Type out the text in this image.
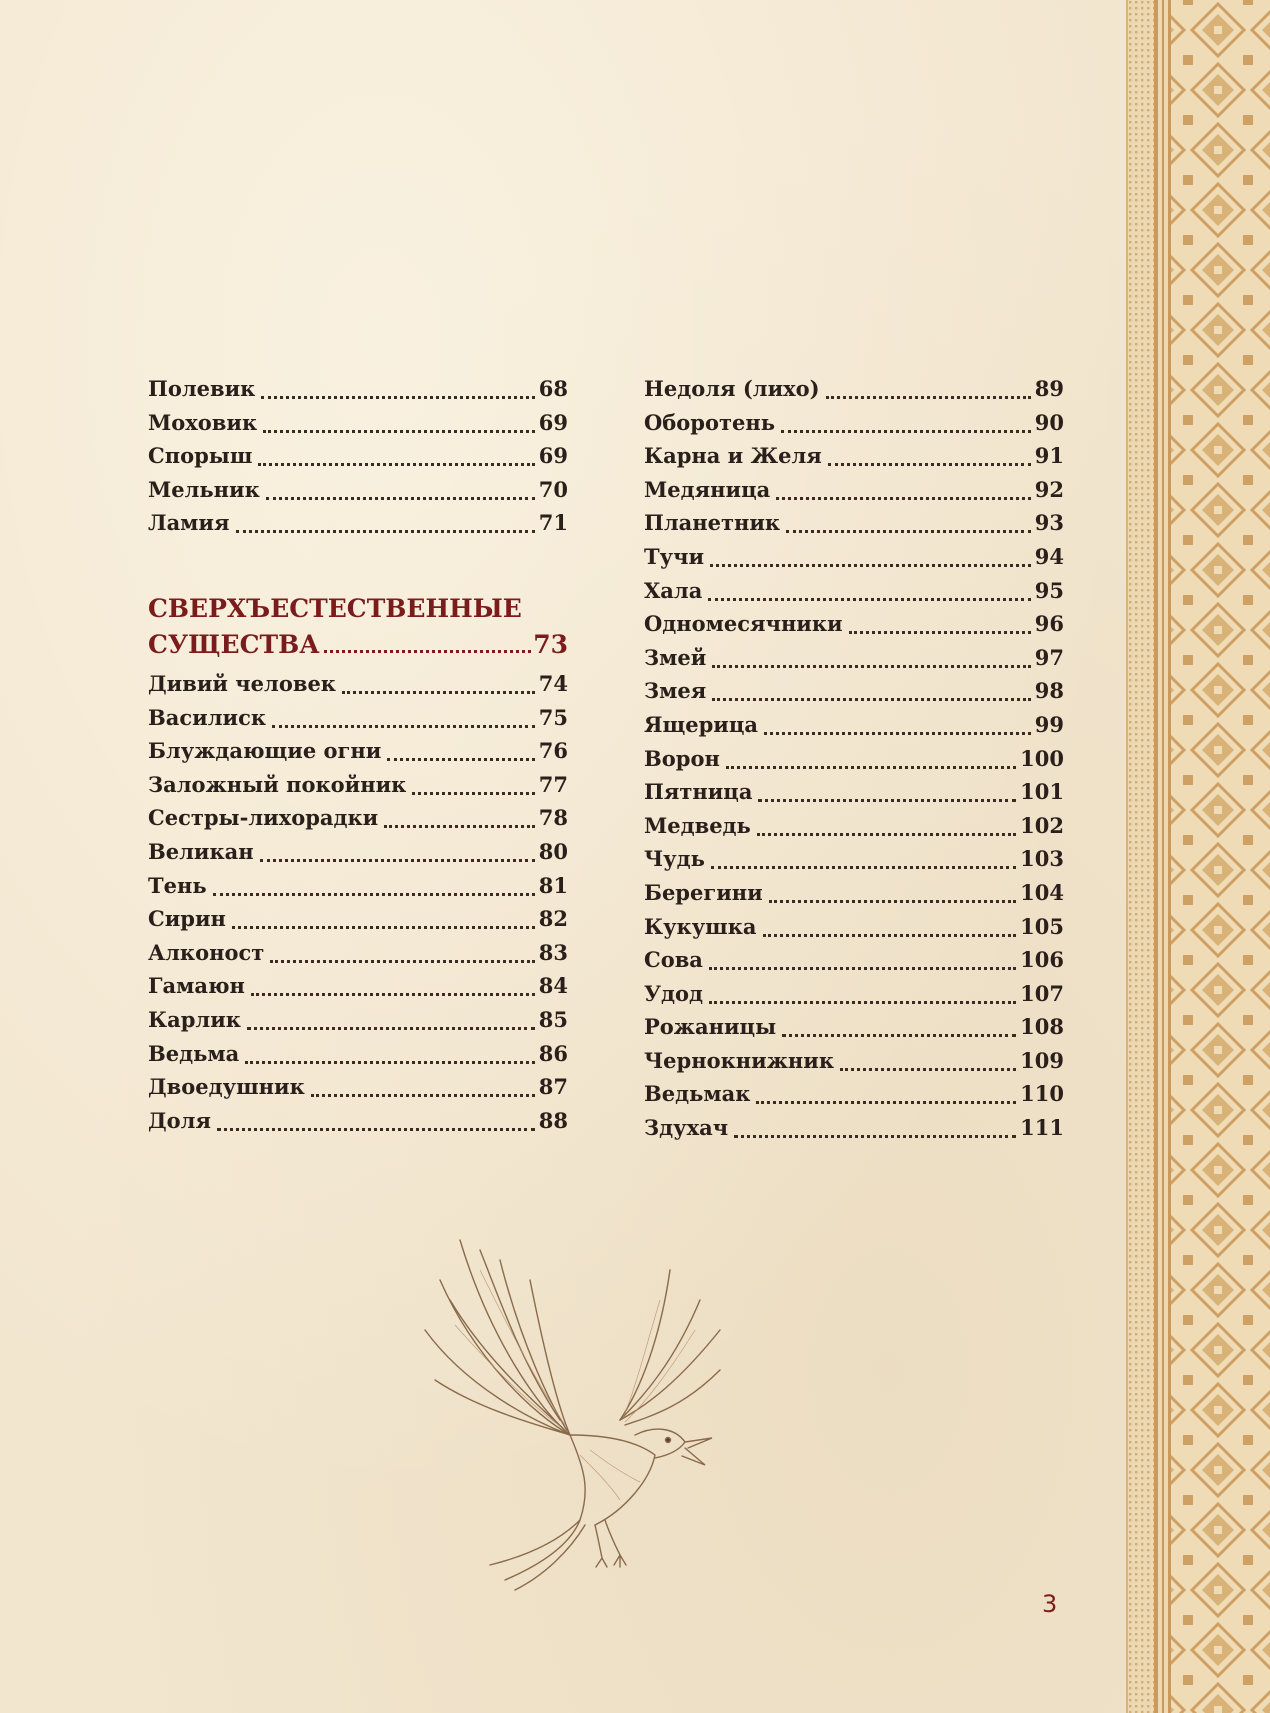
Полевик	68
Моховик	69
Спорыш	69
Мельник	70
Ламия	71
СВЕРХЪЕСТЕСТВЕННЫЕ
СУЩЕСТВА	73
Дивий человек	74
Василиск	75
Блуждающие огни	76
Заложный покойник	77
Сестры-лихорадки	78
Великан	80
Тень	81
Сирин	82
Алконост	83
Гамаюн	84
Карлик	85
Ведьма	86
Двоедушник	87
Доля	88
Недоля (лихо)	89
Оборотень	90
Карна и Желя	91
Медяница	92
Планетник	93
Тучи	94
Хала	95
Одномесячники	96
Змей	97
Змея	98
Ящерица	99
Ворон	100
Пятница	101
Медведь	102
Чудь	103
Берегини	104
Кукушка	105
Сова	106
Удод	107
Рожаницы	108
Чернокнижник	109
Ведьмак	110
Здухач	111
3
